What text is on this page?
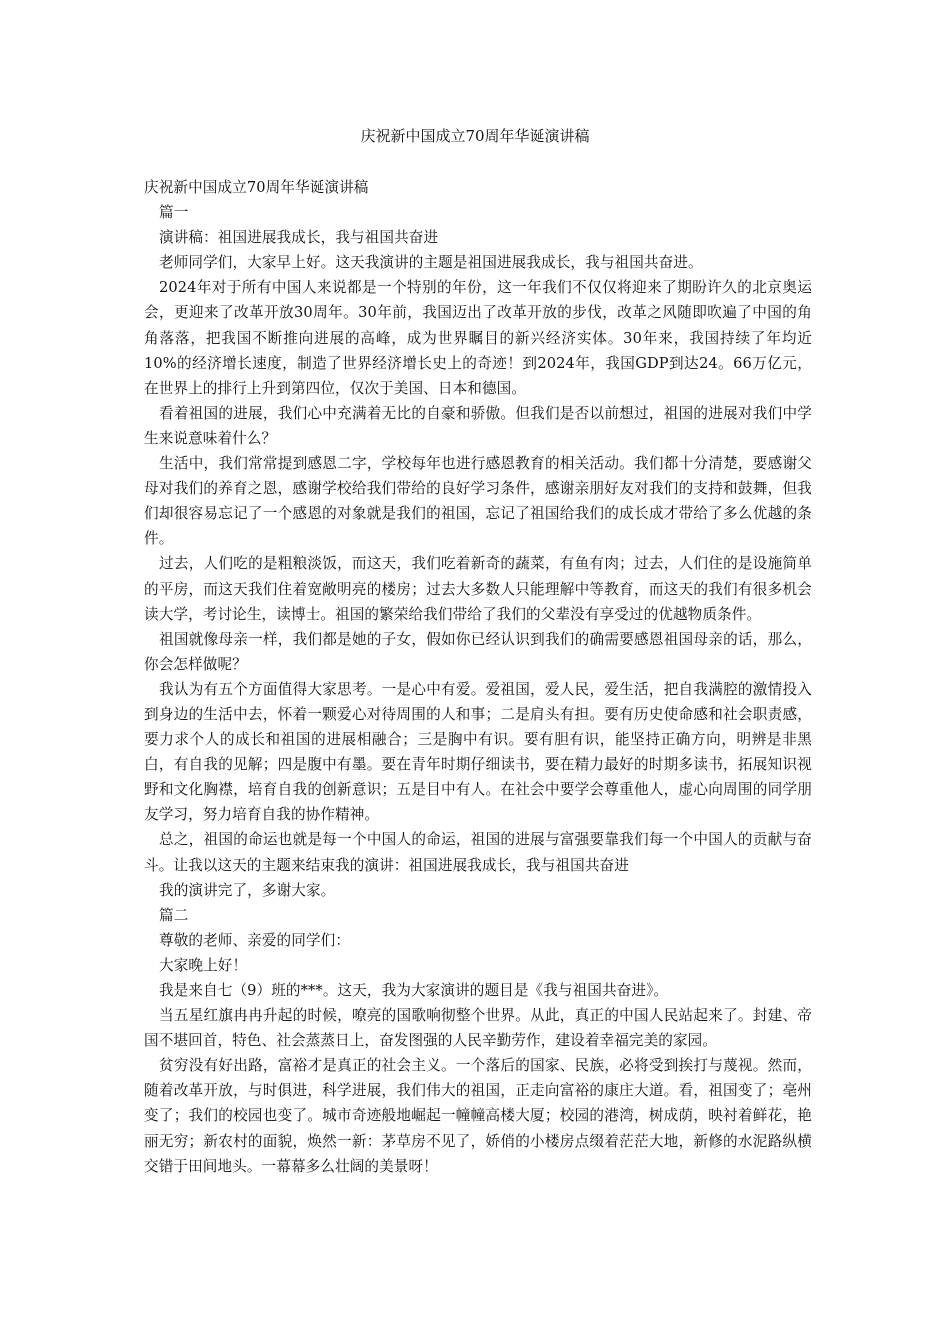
庆祝新中国成立70周年华诞演讲稿

庆祝新中国成立70周年华诞演讲稿

篇一

演讲稿：祖国进展我成长，我与祖国共奋进

老师同学们，大家早上好。这天我演讲的主题是祖国进展我成长，我与祖国共奋进。

2024年对于所有中国人来说都是一个特别的年份，这一年我们不仅仅将迎来了期盼许久的北京奥运会，更迎来了改革开放30周年。30年前，我国迈出了改革开放的步伐，改革之风随即吹遍了中国的角角落落，把我国不断推向进展的高峰，成为世界瞩目的新兴经济实体。30年来，我国持续了年均近10%的经济增长速度，制造了世界经济增长史上的奇迹！到2024年，我国GDP到达24。66万亿元，在世界上的排行上升到第四位，仅次于美国、日本和德国。

看着祖国的进展，我们心中充满着无比的自豪和骄傲。但我们是否以前想过，祖国的进展对我们中学生来说意味着什么？

生活中，我们常常提到感恩二字，学校每年也进行感恩教育的相关活动。我们都十分清楚，要感谢父母对我们的养育之恩，感谢学校给我们带给的良好学习条件，感谢亲朋好友对我们的支持和鼓舞，但我们却很容易忘记了一个感恩的对象就是我们的祖国，忘记了祖国给我们的成长成才带给了多么优越的条件。

过去，人们吃的是粗粮淡饭，而这天，我们吃着新奇的蔬菜，有鱼有肉；过去，人们住的是设施简单的平房，而这天我们住着宽敞明亮的楼房；过去大多数人只能理解中等教育，而这天的我们有很多机会读大学，考讨论生，读博士。祖国的繁荣给我们带给了我们的父辈没有享受过的优越物质条件。

祖国就像母亲一样，我们都是她的子女，假如你已经认识到我们的确需要感恩祖国母亲的话，那么，你会怎样做呢？

我认为有五个方面值得大家思考。一是心中有爱。爱祖国，爱人民，爱生活，把自我满腔的激情投入到身边的生活中去，怀着一颗爱心对待周围的人和事；二是肩头有担。要有历史使命感和社会职责感，要力求个人的成长和祖国的进展相融合；三是胸中有识。要有胆有识，能坚持正确方向，明辨是非黑白，有自我的见解；四是腹中有墨。要在青年时期仔细读书，要在精力最好的时期多读书，拓展知识视野和文化胸襟，培育自我的创新意识；五是目中有人。在社会中要学会尊重他人，虚心向周围的同学朋友学习，努力培育自我的协作精神。

总之，祖国的命运也就是每一个中国人的命运，祖国的进展与富强要靠我们每一个中国人的贡献与奋斗。让我以这天的主题来结束我的演讲：祖国进展我成长，我与祖国共奋进

我的演讲完了，多谢大家。

篇二

尊敬的老师、亲爱的同学们：

大家晚上好！

我是来自七（9）班的***。这天，我为大家演讲的题目是《我与祖国共奋进》。

当五星红旗冉冉升起的时候，嘹亮的国歌响彻整个世界。从此，真正的中国人民站起来了。封建、帝国不堪回首，特色、社会蒸蒸日上，奋发图强的人民辛勤劳作，建设着幸福完美的家园。

贫穷没有好出路，富裕才是真正的社会主义。一个落后的国家、民族，必将受到挨打与蔑视。然而，随着改革开放，与时俱进，科学进展，我们伟大的祖国，正走向富裕的康庄大道。看，祖国变了；亳州变了；我们的校园也变了。城市奇迹般地崛起一幢幢高楼大厦；校园的港湾，树成荫，映衬着鲜花，艳丽无穷；新农村的面貌，焕然一新：茅草房不见了，娇俏的小楼房点缀着茫茫大地，新修的水泥路纵横交错于田间地头。一幕幕多么壮阔的美景呀！
